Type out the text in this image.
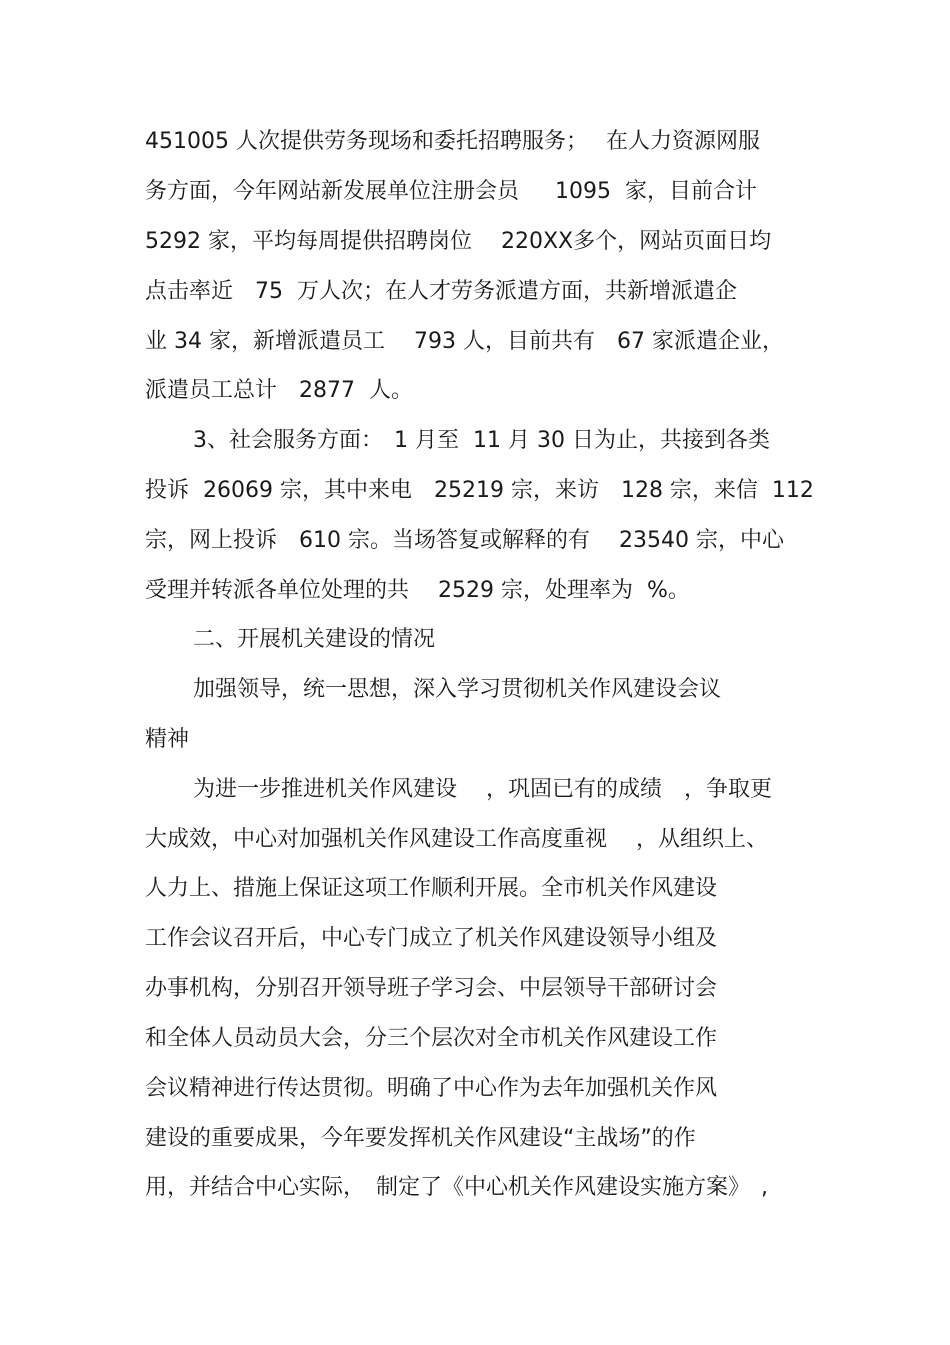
451005 人次提供劳务现场和委托招聘服务；　 在人力资源网服
务方面，今年网站新发展单位注册会员　  1095  家，目前合计
5292 家，平均每周提供招聘岗位　 220XX多个，网站页面日均
点击率近　75  万人次；在人才劳务派遣方面，共新增派遣企
业 34 家，新增派遣员工　 793 人，目前共有　67 家派遣企业，
派遣员工总计　2877  人。
3、社会服务方面：　1 月至  11 月 30 日为止，共接到各类
投诉  26069 宗，其中来电　25219 宗，来访　128 宗，来信  112
宗，网上投诉　610 宗。当场答复或解释的有　 23540 宗，中心
受理并转派各单位处理的共　 2529 宗，处理率为  %。
二、开展机关建设的情况
加强领导，统一思想，深入学习贯彻机关作风建设会议
精神
为进一步推进机关作风建设　 ，巩固已有的成绩　，争取更
大成效，中心对加强机关作风建设工作高度重视　 ，从组织上、
人力上、措施上保证这项工作顺利开展。全市机关作风建设
工作会议召开后，中心专门成立了机关作风建设领导小组及
办事机构，分别召开领导班子学习会、中层领导干部研讨会
和全体人员动员大会，分三个层次对全市机关作风建设工作
会议精神进行传达贯彻。明确了中心作为去年加强机关作风
建设的重要成果，今年要发挥机关作风建设“主战场”的作
用，并结合中心实际，　制定了《中心机关作风建设实施方案》　,
